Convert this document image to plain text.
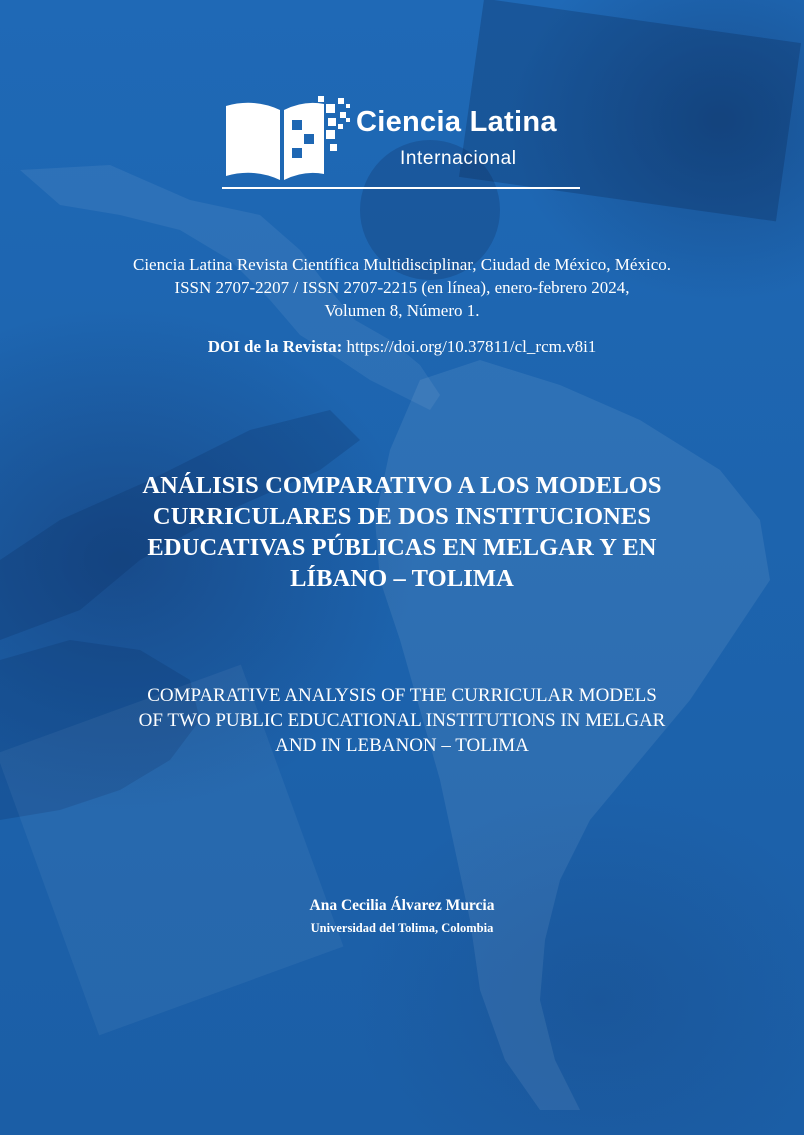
Ciencia Latina
Internacional
Ciencia Latina Revista Científica Multidisciplinar, Ciudad de México, México.
ISSN 2707-2207 / ISSN 2707-2215 (en línea), enero-febrero 2024,
Volumen 8, Número 1.
DOI de la Revista: https://doi.org/10.37811/cl_rcm.v8i1
ANÁLISIS COMPARATIVO A LOS MODELOS
CURRICULARES DE DOS INSTITUCIONES
EDUCATIVAS PÚBLICAS EN MELGAR Y EN
LÍBANO – TOLIMA
COMPARATIVE ANALYSIS OF THE CURRICULAR MODELS
OF TWO PUBLIC EDUCATIONAL INSTITUTIONS IN MELGAR
AND IN LEBANON – TOLIMA
Ana Cecilia Álvarez Murcia
Universidad del Tolima, Colombia
